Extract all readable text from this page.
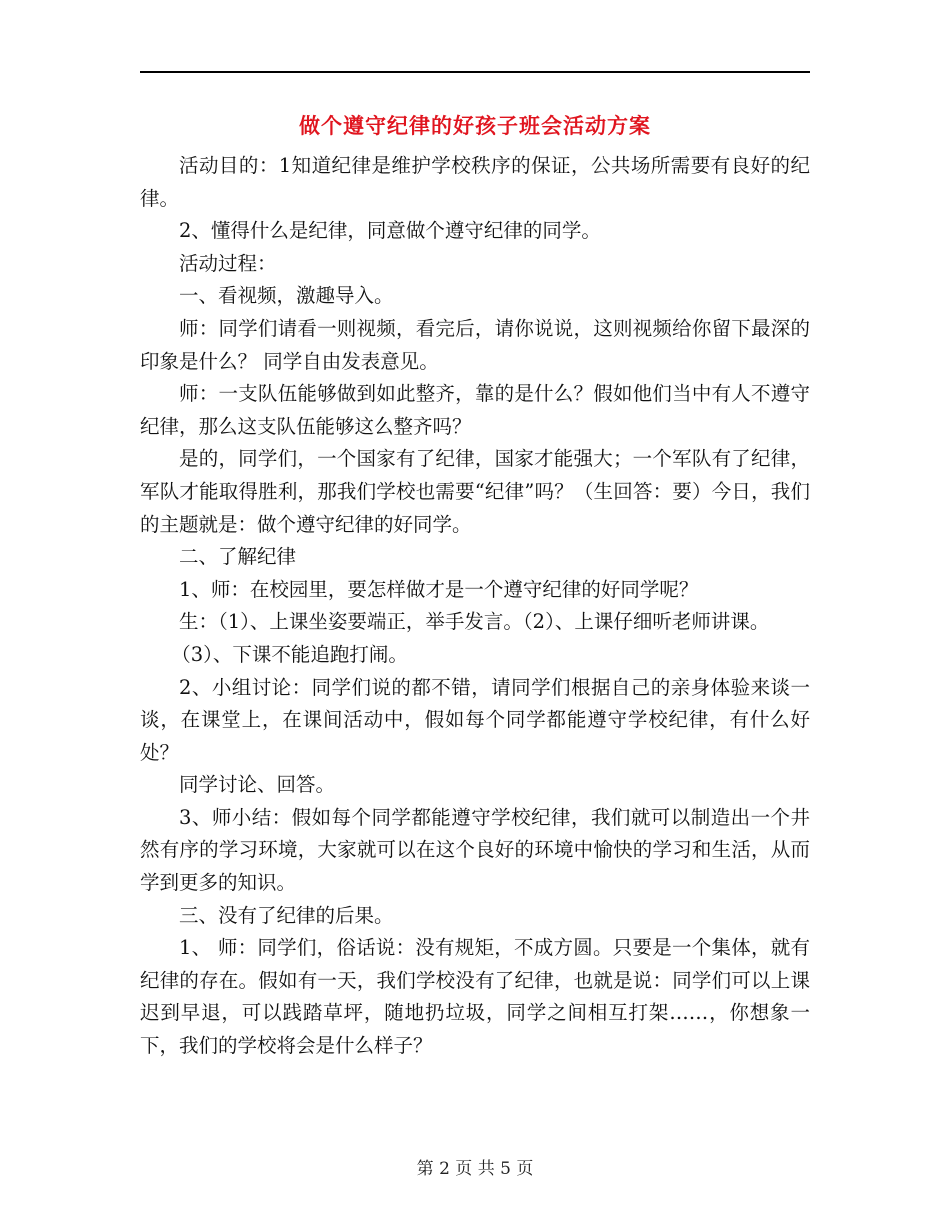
做个遵守纪律的好孩子班会活动方案

活动目的：1知道纪律是维护学校秩序的保证，公共场所需要有良好的纪律。

2、懂得什么是纪律，同意做个遵守纪律的同学。

活动过程：

一、看视频，激趣导入。

师：同学们请看一则视频，看完后，请你说说，这则视频给你留下最深的印象是什么？ 同学自由发表意见。

师：一支队伍能够做到如此整齐，靠的是什么？假如他们当中有人不遵守纪律，那么这支队伍能够这么整齐吗？

是的，同学们，一个国家有了纪律，国家才能强大；一个军队有了纪律，军队才能取得胜利，那我们学校也需要“纪律”吗？（生回答：要）今日，我们的主题就是：做个遵守纪律的好同学。

二、了解纪律

1、师：在校园里，要怎样做才是一个遵守纪律的好同学呢？

生：（1）、上课坐姿要端正，举手发言。（2）、上课仔细听老师讲课。

（3）、下课不能追跑打闹。

2、小组讨论：同学们说的都不错，请同学们根据自己的亲身体验来谈一谈，在课堂上，在课间活动中，假如每个同学都能遵守学校纪律，有什么好处？

同学讨论、回答。

3、师小结：假如每个同学都能遵守学校纪律，我们就可以制造出一个井然有序的学习环境，大家就可以在这个良好的环境中愉快的学习和生活，从而学到更多的知识。

三、没有了纪律的后果。

1、 师：同学们，俗话说：没有规矩，不成方圆。只要是一个集体，就有纪律的存在。假如有一天，我们学校没有了纪律，也就是说：同学们可以上课迟到早退，可以践踏草坪，随地扔垃圾，同学之间相互打架……，你想象一下，我们的学校将会是什么样子？

第 2 页 共 5 页
